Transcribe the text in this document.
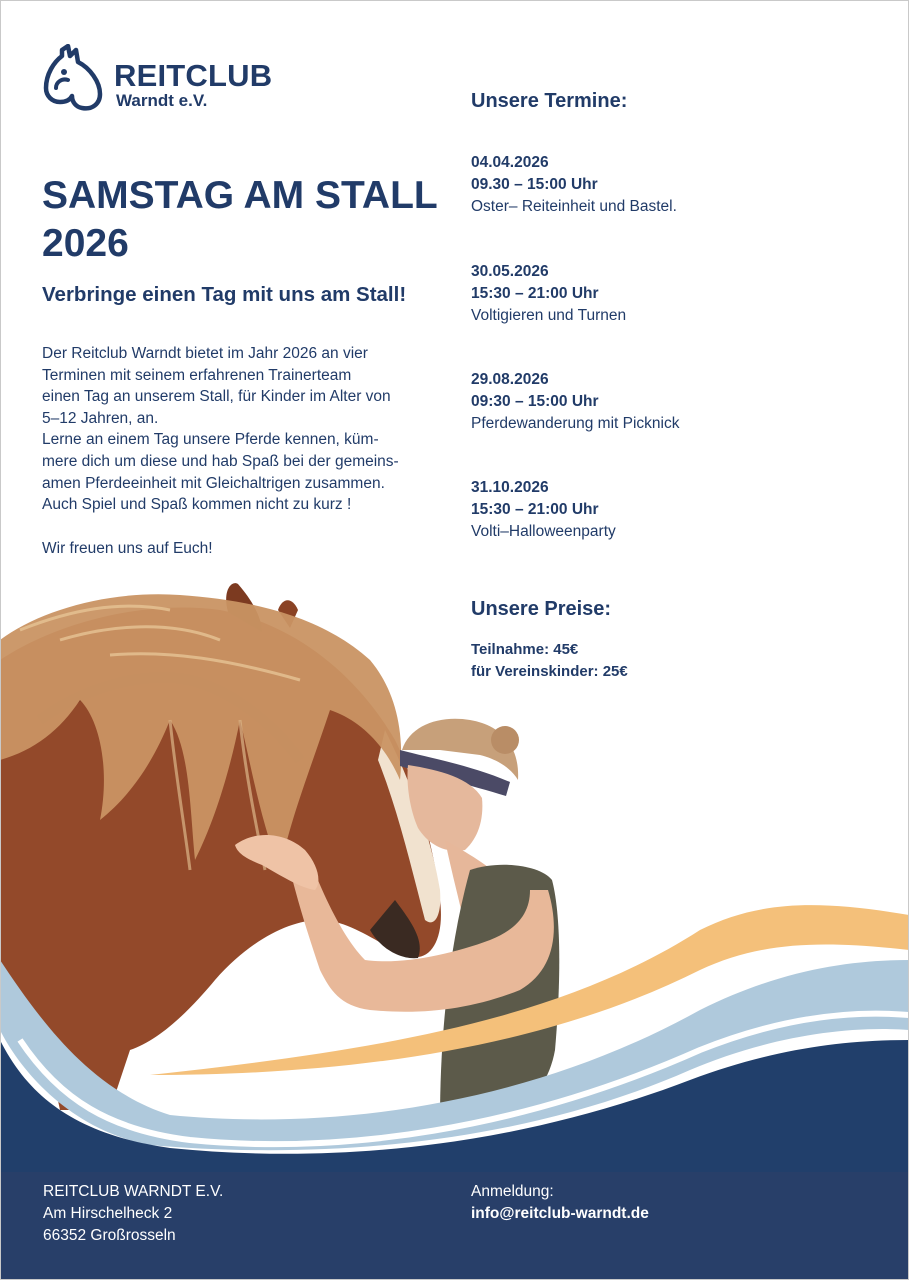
REITCLUB
Warndt e.V.
SAMSTAG AM STALL 2026
Verbringe einen Tag mit uns am Stall!

Der Reitclub Warndt bietet im Jahr 2026 an vier

Terminen mit seinem erfahrenen Trainerteam

einen Tag an unserem Stall, für Kinder im Alter von

5–12 Jahren, an.

Lerne an einem Tag unsere Pferde kennen, küm-

mere dich um diese und hab Spaß bei der gemeins-

amen Pferdeeinheit mit Gleichaltrigen zusammen.

Auch Spiel und Spaß kommen nicht zu kurz !

Wir freuen uns auf Euch!
Unsere Termine:
04.04.2026
09.30 – 15:00 Uhr
Oster– Reiteinheit und Bastel.
30.05.2026
15:30 – 21:00 Uhr
Voltigieren und Turnen
29.08.2026
09:30 – 15:00 Uhr
Pferdewanderung mit Picknick
31.10.2026
15:30 – 21:00 Uhr
Volti–Halloweenparty
Unsere Preise:
Teilnahme: 45€
für Vereinskinder: 25€
REITCLUB WARNDT E.V.
Am Hirschelheck 2
66352 Großrosseln
Anmeldung:
info@reitclub-warndt.de
